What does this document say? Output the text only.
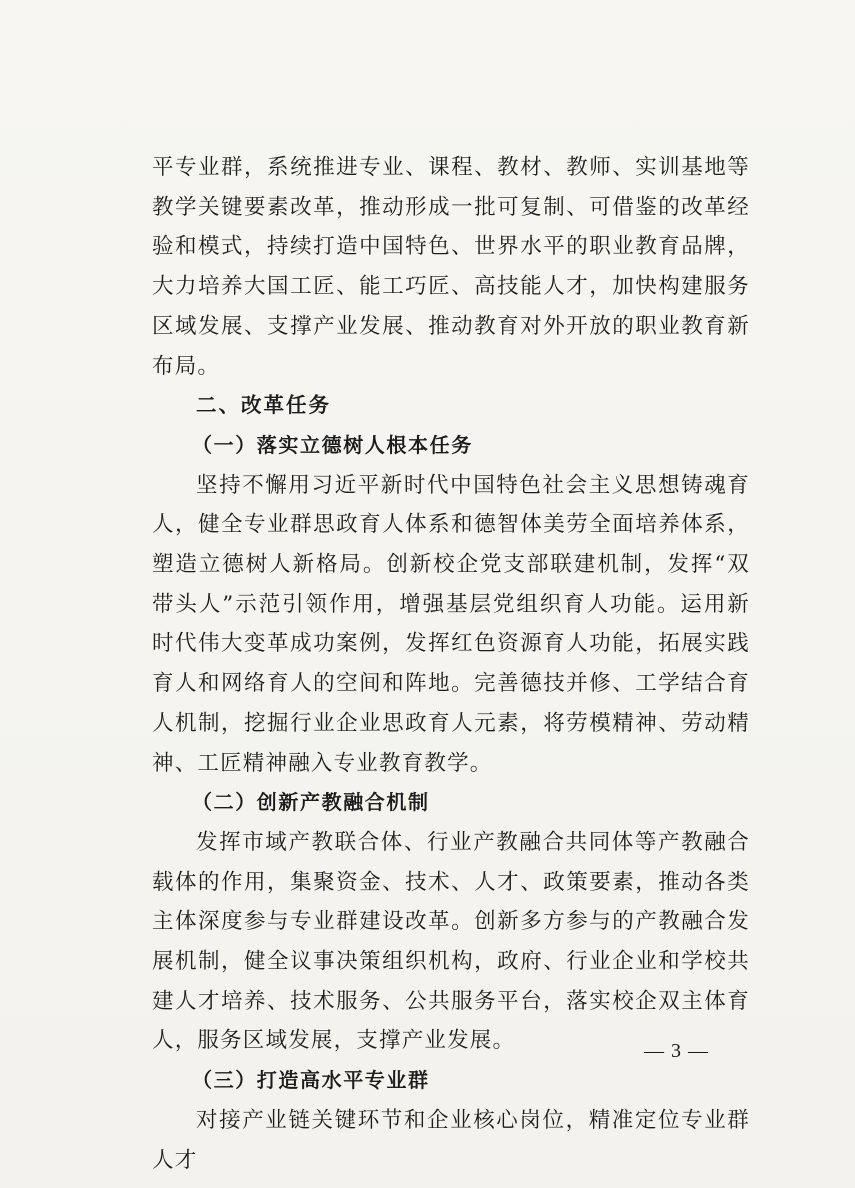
平专业群，系统推进专业、课程、教材、教师、实训基地等教学关键要素改革，推动形成一批可复制、可借鉴的改革经验和模式，持续打造中国特色、世界水平的职业教育品牌，大力培养大国工匠、能工巧匠、高技能人才，加快构建服务区域发展、支撑产业发展、推动教育对外开放的职业教育新布局。

二、改革任务

（一）落实立德树人根本任务

坚持不懈用习近平新时代中国特色社会主义思想铸魂育人，健全专业群思政育人体系和德智体美劳全面培养体系，塑造立德树人新格局。创新校企党支部联建机制，发挥“双带头人”示范引领作用，增强基层党组织育人功能。运用新时代伟大变革成功案例，发挥红色资源育人功能，拓展实践育人和网络育人的空间和阵地。完善德技并修、工学结合育人机制，挖掘行业企业思政育人元素，将劳模精神、劳动精神、工匠精神融入专业教育教学。

（二）创新产教融合机制

发挥市域产教联合体、行业产教融合共同体等产教融合载体的作用，集聚资金、技术、人才、政策要素，推动各类主体深度参与专业群建设改革。创新多方参与的产教融合发展机制，健全议事决策组织机构，政府、行业企业和学校共建人才培养、技术服务、公共服务平台，落实校企双主体育人，服务区域发展，支撑产业发展。

（三）打造高水平专业群

对接产业链关键环节和企业核心岗位，精准定位专业群人才

— 3 —
